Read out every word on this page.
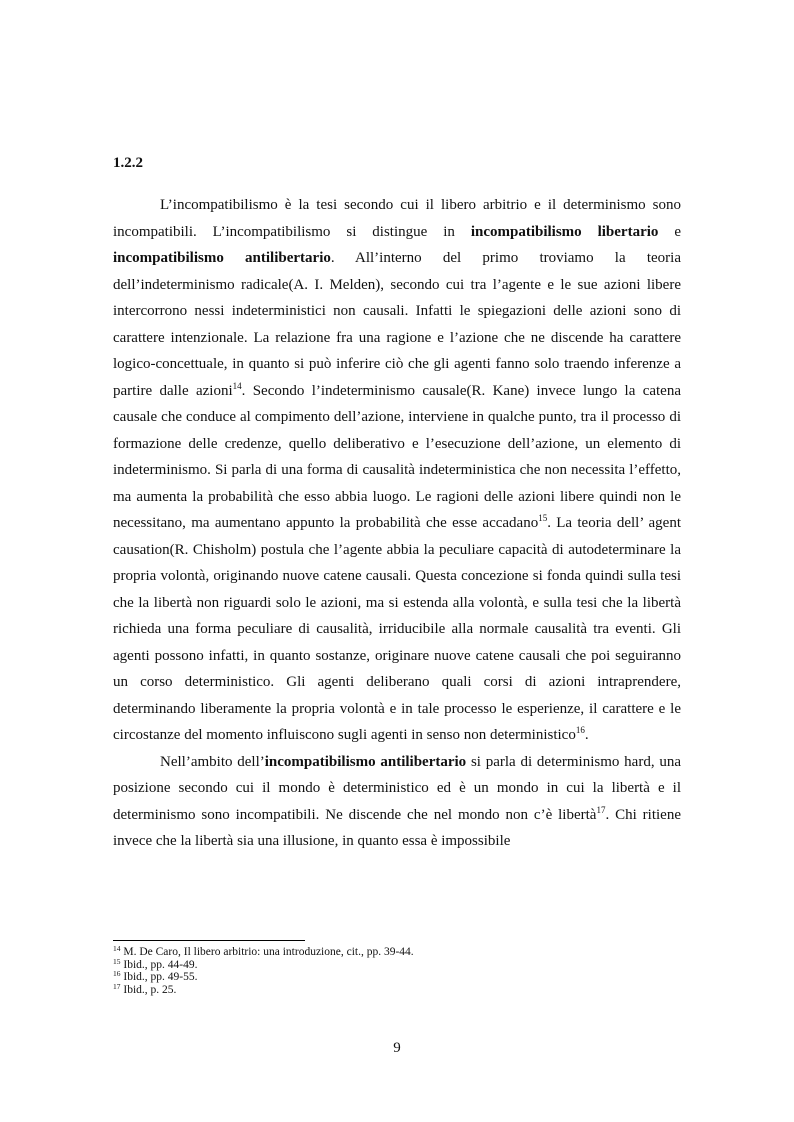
1.2.2

L’incompatibilismo è la tesi secondo cui il libero arbitrio e il determinismo sono incompatibili. L’incompatibilismo si distingue in incompatibilismo libertario e incompatibilismo antilibertario. All’interno del primo troviamo la teoria dell’indeterminismo radicale(A. I. Melden), secondo cui tra l’agente e le sue azioni libere intercorrono nessi indeterministici non causali. Infatti le spiegazioni delle azioni sono di carattere intenzionale. La relazione fra una ragione e l’azione che ne discende ha carattere logico-concettuale, in quanto si può inferire ciò che gli agenti fanno solo traendo inferenze a partire dalle azioni$^{14}$. Secondo l’indeterminismo causale(R. Kane) invece lungo la catena causale che conduce al compimento dell’azione, interviene in qualche punto, tra il processo di formazione delle credenze, quello deliberativo e l’esecuzione dell’azione, un elemento di indeterminismo. Si parla di una forma di causalità indeterministica che non necessita l’effetto, ma aumenta la probabilità che esso abbia luogo. Le ragioni delle azioni libere quindi non le necessitano, ma aumentano appunto la probabilità che esse accadano$^{15}$. La teoria dell’ agent causation(R. Chisholm) postula che l’agente abbia la peculiare capacità di autodeterminare la propria volontà, originando nuove catene causali. Questa concezione si fonda quindi sulla tesi che la libertà non riguardi solo le azioni, ma si estenda alla volontà, e sulla tesi che la libertà richieda una forma peculiare di causalità, irriducibile alla normale causalità tra eventi. Gli agenti possono infatti, in quanto sostanze, originare nuove catene causali che poi seguiranno un corso deterministico. Gli agenti deliberano quali corsi di azioni intraprendere, determinando liberamente la propria volontà e in tale processo le esperienze, il carattere e le circostanze del momento influiscono sugli agenti in senso non deterministico$^{16}$.

Nell’ambito dell’incompatibilismo antilibertario si parla di determinismo hard, una posizione secondo cui il mondo è deterministico ed è un mondo in cui la libertà e il determinismo sono incompatibili. Ne discende che nel mondo non c’è libertà$^{17}$. Chi ritiene invece che la libertà sia una illusione, in quanto essa è impossibile

$^{14}$ M. De Caro, Il libero arbitrio: una introduzione, cit., pp. 39-44.

$^{15}$ Ibid., pp. 44-49.

$^{16}$ Ibid., pp. 49-55.

$^{17}$ Ibid., p. 25.

9
